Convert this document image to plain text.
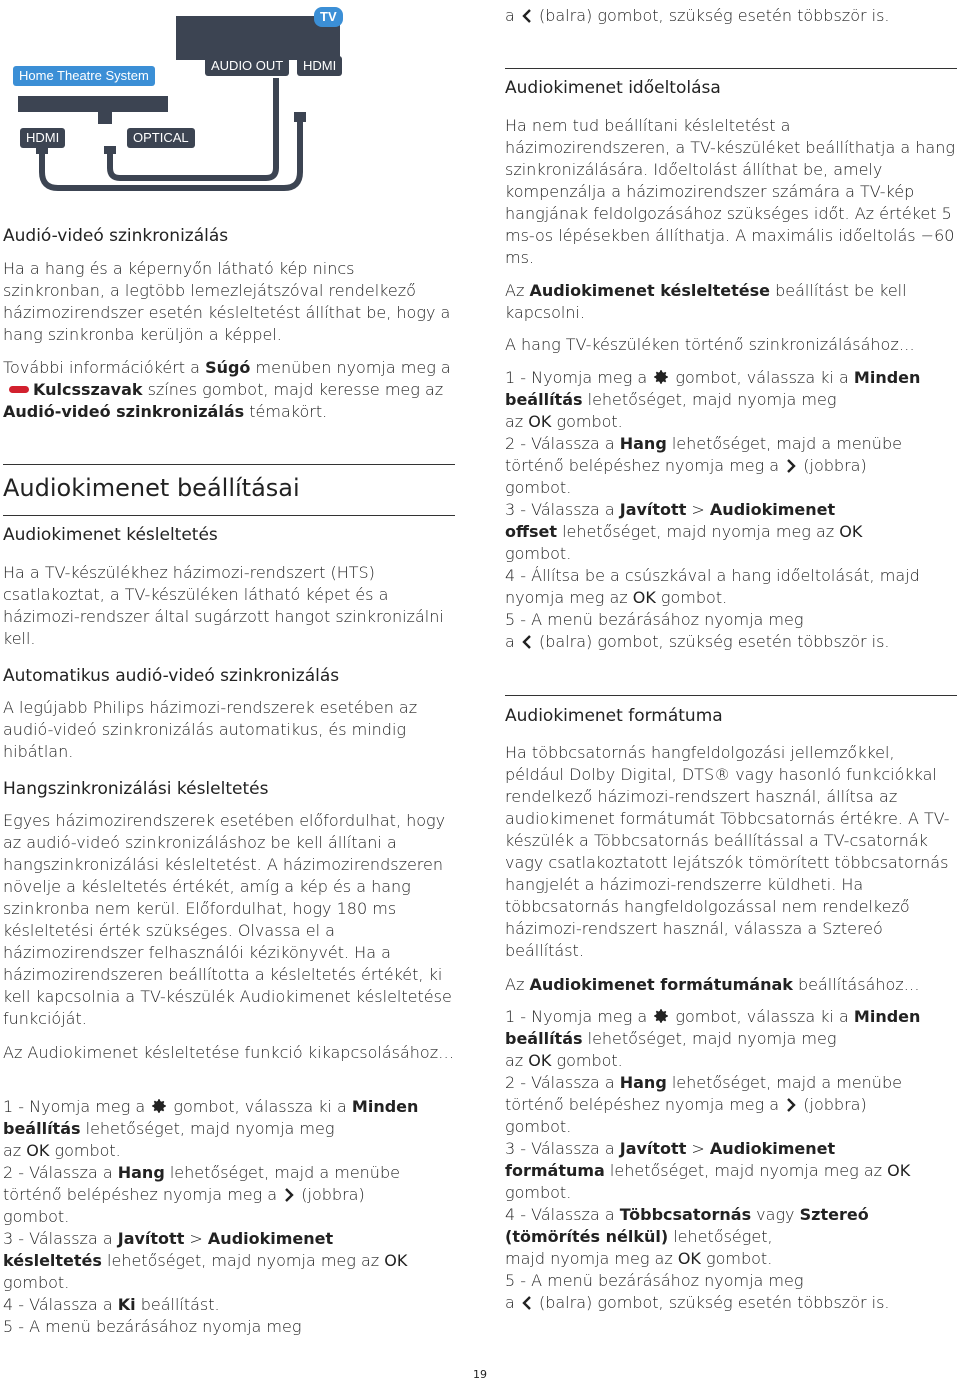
TV
Home Theatre System
AUDIO OUT	HDMI
HDMI	OPTICAL
Audió-videó szinkronizálás

Ha a hang és a képernyőn látható kép nincs szinkronban, a legtöbb lemezlejátszóval rendelkező házimozirendszer esetén késleltetést állíthat be, hogy a hang szinkronba kerüljön a képpel.

További információkért a Súgó menüben nyomja meg a Kulcsszavak színes gombot, majd keresse meg az Audió-videó szinkronizálás témakört.

Audiokimenet beállításai
Audiokimenet késleltetés

Ha a TV-készülékhez házimozi-rendszert (HTS) csatlakoztat, a TV-készüléken látható képet és a házimozi-rendszer által sugárzott hangot szinkronizálni kell.

Automatikus audió-videó szinkronizálás

A legújabb Philips házimozi-rendszerek esetében az audió-videó szinkronizálás automatikus, és mindig hibátlan.

Hangszinkronizálási késleltetés

Egyes házimozirendszerek esetében előfordulhat, hogy az audió-videó szinkronizáláshoz be kell állítani a hangszinkronizálási késleltetést. A házimozirendszeren növelje a késleltetés értékét, amíg a kép és a hang szinkronba nem kerül. Előfordulhat, hogy 180 ms késleltetési érték szükséges. Olvassa el a házimozirendszer felhasználói kézikönyvét. Ha a házimozirendszeren beállította a késleltetés értékét, ki kell kapcsolnia a TV-készülék Audiokimenet késleltetése funkcióját.

Az Audiokimenet késleltetése funkció kikapcsolásához…

1 - Nyomja meg a  gombot, válassza ki a Minden
beállítás lehetőséget, majd nyomja meg
az OK gombot.

2 - Válassza a Hang lehetőséget, majd a menübe
történő belépéshez nyomja meg a  (jobbra)
gombot.

3 - Válassza a Javított > Audiokimenet
késleltetés lehetőséget, majd nyomja meg az OK
gombot.

4 - Válassza a Ki beállítást.

5 - A menü bezárásához nyomja meg

a  (balra) gombot, szükség esetén többször is.

Audiokimenet időeltolása

Ha nem tud beállítani késleltetést a házimozirendszeren, a TV-készüléket beállíthatja a hang szinkronizálására. Időeltolást állíthat be, amely kompenzálja a házimozirendszer számára a TV-kép hangjának feldolgozásához szükséges időt. Az értéket 5 ms-os lépésekben állíthatja. A maximális időeltolás −60 ms.

Az Audiokimenet késleltetése beállítást be kell kapcsolni.

A hang TV-készüléken történő szinkronizálásához…

1 - Nyomja meg a  gombot, válassza ki a Minden
beállítás lehetőséget, majd nyomja meg
az OK gombot.

2 - Válassza a Hang lehetőséget, majd a menübe
történő belépéshez nyomja meg a  (jobbra)
gombot.

3 - Válassza a Javított > Audiokimenet
offset lehetőséget, majd nyomja meg az OK
gombot.

4 - Állítsa be a csúszkával a hang időeltolását, majd
nyomja meg az OK gombot.

5 - A menü bezárásához nyomja meg
a  (balra) gombot, szükség esetén többször is.

Audiokimenet formátuma

Ha többcsatornás hangfeldolgozási jellemzőkkel, például Dolby Digital, DTS® vagy hasonló funkciókkal rendelkező házimozi-rendszert használ, állítsa az audiokimenet formátumát Többcsatornás értékre. A TV-készülék a Többcsatornás beállítással a TV-csatornák vagy csatlakoztatott lejátszók tömörített többcsatornás hangjelét a házimozi-rendszerre küldheti. Ha többcsatornás hangfeldolgozással nem rendelkező házimozi-rendszert használ, válassza a Sztereó beállítást.

Az Audiokimenet formátumának beállításához…

1 - Nyomja meg a  gombot, válassza ki a Minden
beállítás lehetőséget, majd nyomja meg
az OK gombot.

2 - Válassza a Hang lehetőséget, majd a menübe
történő belépéshez nyomja meg a  (jobbra)
gombot.

3 - Válassza a Javított > Audiokimenet
formátuma lehetőséget, majd nyomja meg az OK
gombot.

4 - Válassza a Többcsatornás vagy Sztereó
(tömörítés nélkül) lehetőséget,
majd nyomja meg az OK gombot.

5 - A menü bezárásához nyomja meg
a  (balra) gombot, szükség esetén többször is.

19
